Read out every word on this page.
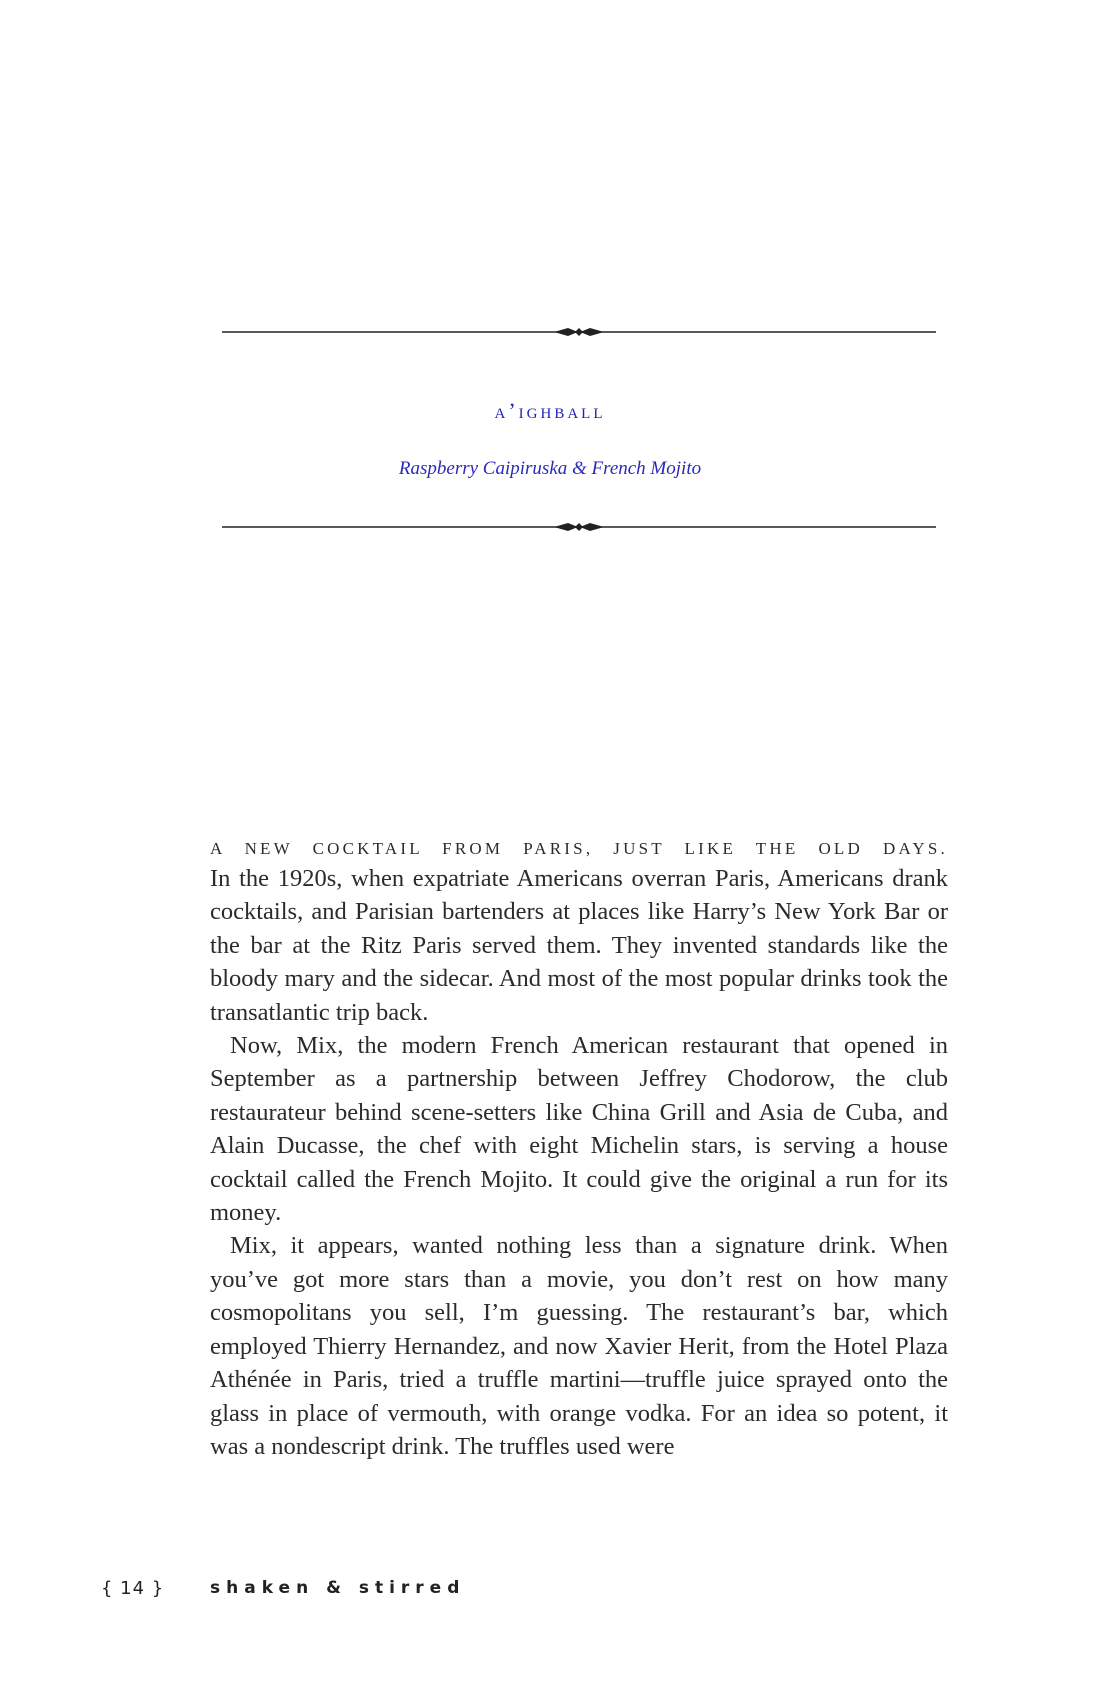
a’ighball
Raspberry Caipiruska & French Mojito
A NEW COCKTAIL FROM PARIS, JUST LIKE THE OLD DAYS.

In the 1920s, when expatriate Americans overran Paris, Americans drank cocktails, and Parisian bartenders at places like Harry’s New York Bar or the bar at the Ritz Paris served them. They invented standards like the bloody mary and the sidecar. And most of the most popular drinks took the transatlantic trip back.

Now, Mix, the modern French American restaurant that opened in September as a partnership between Jeffrey Chodorow, the club restaurateur behind scene-setters like China Grill and Asia de Cuba, and Alain Ducasse, the chef with eight Michelin stars, is serving a house cocktail called the French Mojito. It could give the original a run for its money.

Mix, it appears, wanted nothing less than a signature drink. When you’ve got more stars than a movie, you don’t rest on how many cosmopolitans you sell, I’m guessing. The restaurant’s bar, which employed Thierry Hernandez, and now Xavier Herit, from the Hotel Plaza Athénée in Paris, tried a truffle martini—truffle juice sprayed onto the glass in place of vermouth, with orange vodka. For an idea so potent, it was a nondescript drink. The truffles used were

{ 14 }	shaken & stirred
